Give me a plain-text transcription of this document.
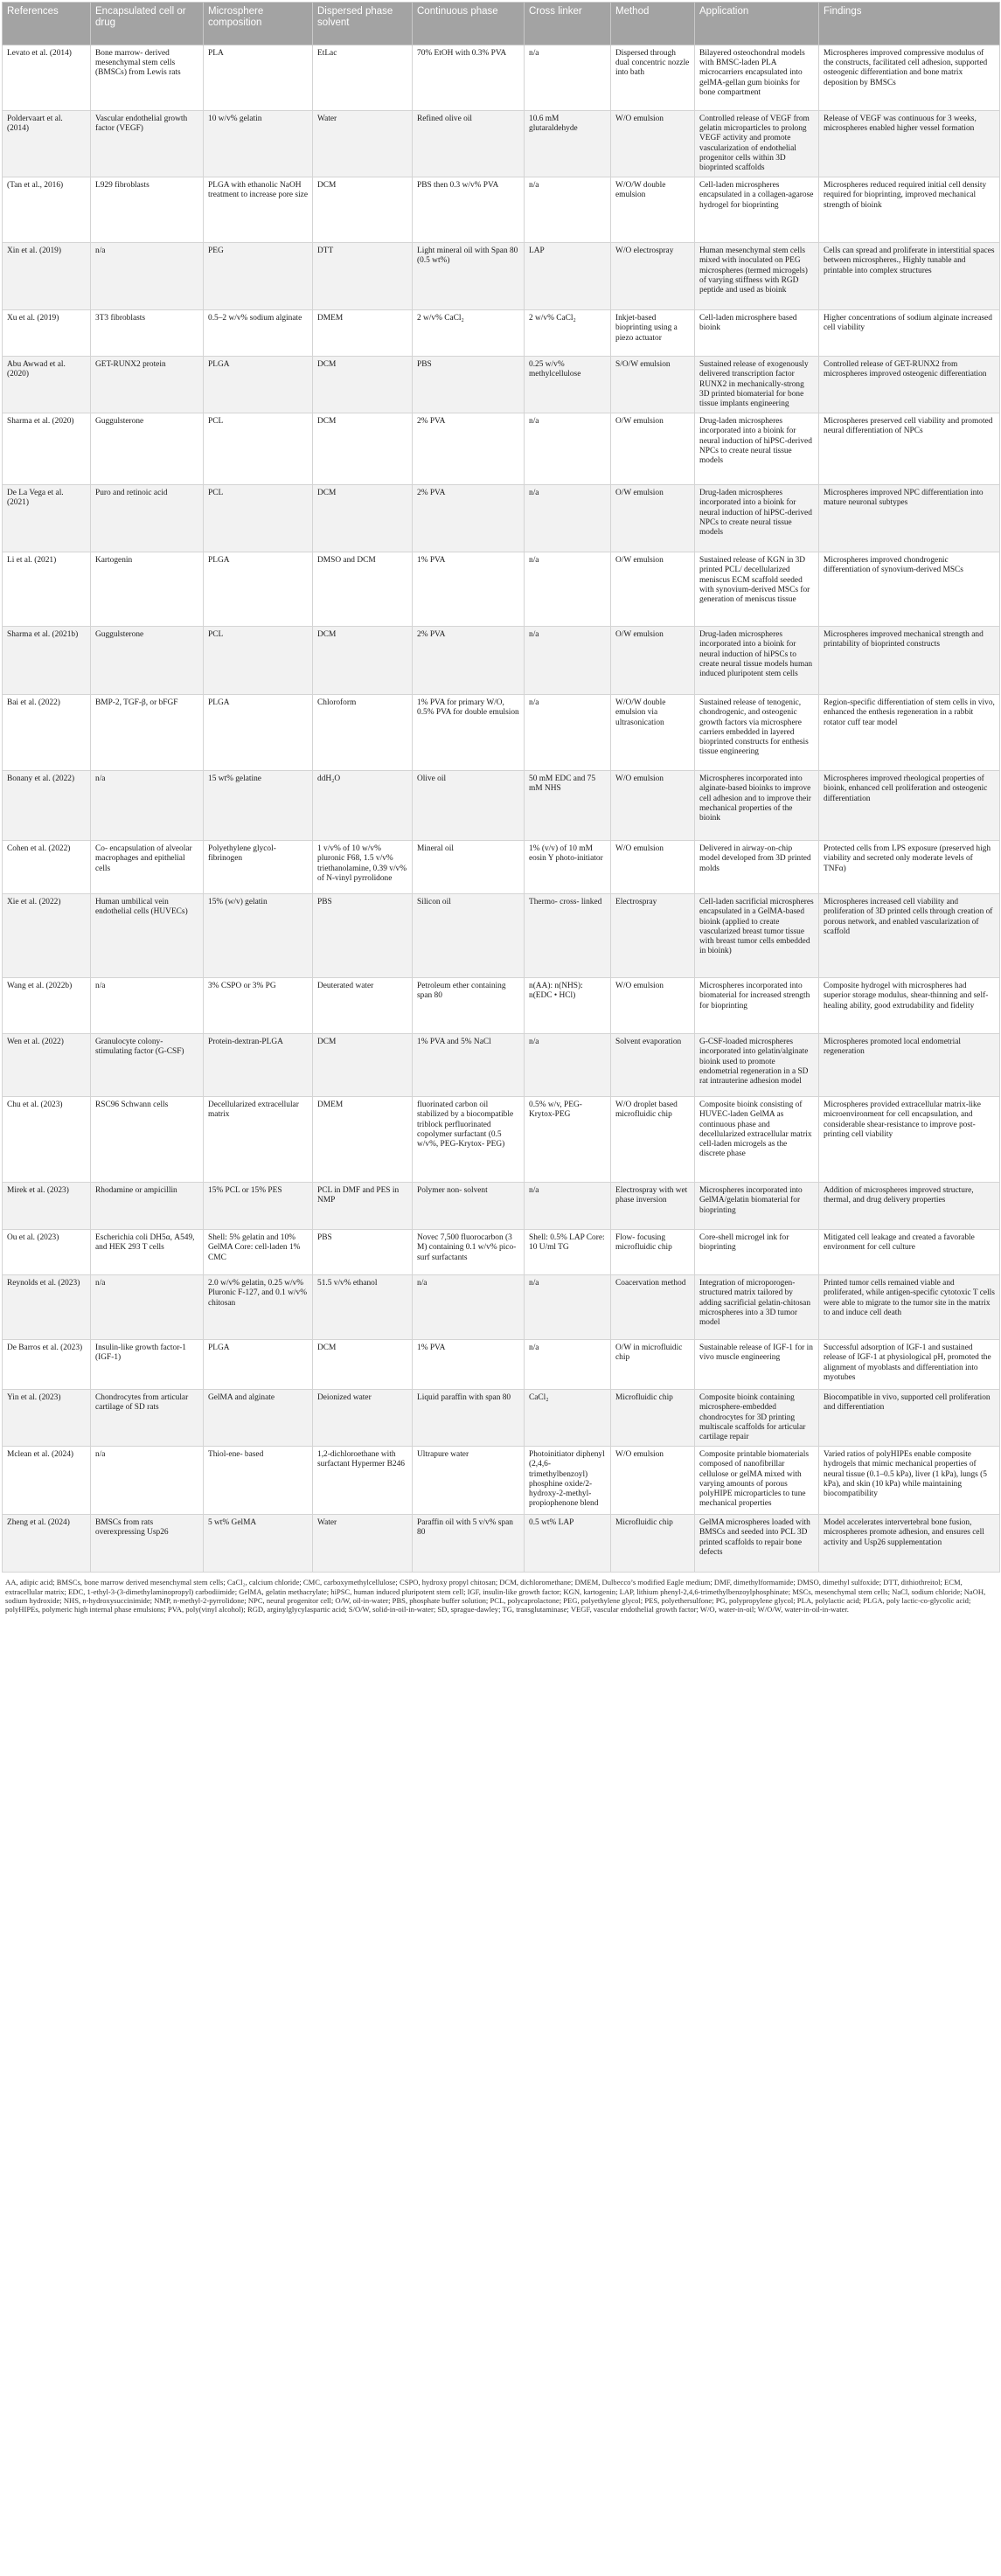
References	Encapsulated cell or drug	Microsphere composition	Dispersed phase solvent	Continuous phase	Cross linker	Method	Application	Findings
Levato et al. (2014)	Bone marrow- derived mesenchymal stem cells (BMSCs) from Lewis rats	PLA	EtLac	70% EtOH with 0.3% PVA	n/a	Dispersed through dual concentric nozzle into bath	Bilayered osteochondral models with BMSC-laden PLA microcarriers encapsulated into gelMA-gellan gum bioinks for bone compartment	Microspheres improved compressive modulus of the constructs, facilitated cell adhesion, supported osteogenic differentiation and bone matrix deposition by BMSCs
Poldervaart et al. (2014)	Vascular endothelial growth factor (VEGF)	10 w/v% gelatin	Water	Refined olive oil	10.6 mM glutaraldehyde	W/O emulsion	Controlled release of VEGF from gelatin microparticles to prolong VEGF activity and promote vascularization of endothelial progenitor cells within 3D bioprinted scaffolds	Release of VEGF was continuous for 3 weeks, microspheres enabled higher vessel formation
(Tan et al., 2016)	L929 fibroblasts	PLGA with ethanolic NaOH treatment to increase pore size	DCM	PBS then 0.3 w/v% PVA	n/a	W/O/W double emulsion	Cell-laden microspheres encapsulated in a collagen-agarose hydrogel for bioprinting	Microspheres reduced required initial cell density required for bioprinting, improved mechanical strength of bioink
Xin et al. (2019)	n/a	PEG	DTT	Light mineral oil with Span 80 (0.5 wt%)	LAP	W/O electrospray	Human mesenchymal stem cells mixed with inoculated on PEG microspheres (termed microgels) of varying stiffness with RGD peptide and used as bioink	Cells can spread and proliferate in interstitial spaces between microspheres., Highly tunable and printable into complex structures
Xu et al. (2019)	3T3 fibroblasts	0.5–2 w/v% sodium alginate	DMEM	2 w/v% CaCl₂	2 w/v% CaCl₂	Inkjet-based bioprinting using a piezo actuator	Cell-laden microsphere based bioink	Higher concentrations of sodium alginate increased cell viability
Abu Awwad et al. (2020)	GET-RUNX2 protein	PLGA	DCM	PBS	0.25 w/v% methylcellulose	S/O/W emulsion	Sustained release of exogenously delivered transcription factor RUNX2 in mechanically-strong 3D printed biomaterial for bone tissue implants engineering	Controlled release of GET-RUNX2 from microspheres improved osteogenic differentiation
Sharma et al. (2020)	Guggulsterone	PCL	DCM	2% PVA	n/a	O/W emulsion	Drug-laden microspheres incorporated into a bioink for neural induction of hiPSC-derived NPCs to create neural tissue models	Microspheres preserved cell viability and promoted neural differentiation of NPCs
De La Vega et al. (2021)	Puro and retinoic acid	PCL	DCM	2% PVA	n/a	O/W emulsion	Drug-laden microspheres incorporated into a bioink for neural induction of hiPSC-derived NPCs to create neural tissue models	Microspheres improved NPC differentiation into mature neuronal subtypes
Li et al. (2021)	Kartogenin	PLGA	DMSO and DCM	1% PVA	n/a	O/W emulsion	Sustained release of KGN in 3D printed PCL/ decellularized meniscus ECM scaffold seeded with synovium-derived MSCs for generation of meniscus tissue	Microspheres improved chondrogenic differentiation of synovium-derived MSCs
Sharma et al. (2021b)	Guggulsterone	PCL	DCM	2% PVA	n/a	O/W emulsion	Drug-laden microspheres incorporated into a bioink for neural induction of hiPSCs to create neural tissue models human induced pluripotent stem cells	Microspheres improved mechanical strength and printability of bioprinted constructs
Bai et al. (2022)	BMP-2, TGF-β, or bFGF	PLGA	Chloroform	1% PVA for primary W/O, 0.5% PVA for double emulsion	n/a	W/O/W double emulsion via ultrasonication	Sustained release of tenogenic, chondrogenic, and osteogenic growth factors via microsphere carriers embedded in layered bioprinted constructs for enthesis tissue engineering	Region-specific differentiation of stem cells in vivo, enhanced the enthesis regeneration in a rabbit rotator cuff tear model
Bonany et al. (2022)	n/a	15 wt% gelatine	ddH₂O	Olive oil	50 mM EDC and 75 mM NHS	W/O emulsion	Microspheres incorporated into alginate-based bioinks to improve cell adhesion and to improve their mechanical properties of the bioink	Microspheres improved rheological properties of bioink, enhanced cell proliferation and osteogenic differentiation
Cohen et al. (2022)	Co- encapsulation of alveolar macrophages and epithelial cells	Polyethylene glycol-fibrinogen	1 v/v% of 10 w/v% pluronic F68, 1.5 v/v% triethanolamine, 0.39 v/v% of N-vinyl pyrrolidone	Mineral oil	1% (v/v) of 10 mM eosin Y photo-initiator	W/O emulsion	Delivered in airway-on-chip model developed from 3D printed molds	Protected cells from LPS exposure (preserved high viability and secreted only moderate levels of TNFα)
Xie et al. (2022)	Human umbilical vein endothelial cells (HUVECs)	15% (w/v) gelatin	PBS	Silicon oil	Thermo- cross- linked	Electrospray	Cell-laden sacrificial microspheres encapsulated in a GelMA-based bioink (applied to create vascularized breast tumor tissue with breast tumor cells embedded in bioink)	Microspheres increased cell viability and proliferation of 3D printed cells through creation of porous network, and enabled vascularization of scaffold
Wang et al. (2022b)	n/a	3% CSPO or 3% PG	Deuterated water	Petroleum ether containing span 80	n(AA): n(NHS): n(EDC • HCl)	W/O emulsion	Microspheres incorporated into biomaterial for increased strength for bioprinting	Composite hydrogel with microspheres had superior storage modulus, shear-thinning and self-healing ability, good extrudability and fidelity
Wen et al. (2022)	Granulocyte colony-stimulating factor (G-CSF)	Protein-dextran-PLGA	DCM	1% PVA and 5% NaCl	n/a	Solvent evaporation	G-CSF-loaded microspheres incorporated into gelatin/alginate bioink used to promote endometrial regeneration in a SD rat intrauterine adhesion model	Microspheres promoted local endometrial regeneration
Chu et al. (2023)	RSC96 Schwann cells	Decellularized extracellular matrix	DMEM	fluorinated carbon oil stabilized by a biocompatible triblock perfluorinated copolymer surfactant (0.5 w/v%, PEG-Krytox- PEG)	0.5% w/v, PEG-Krytox-PEG	W/O droplet based microfluidic chip	Composite bioink consisting of HUVEC-laden GelMA as continuous phase and decellularized extracellular matrix cell-laden microgels as the discrete phase	Microspheres provided extracellular matrix-like microenvironment for cell encapsulation, and considerable shear-resistance to improve post-printing cell viability
Mirek et al. (2023)	Rhodamine or ampicillin	15% PCL or 15% PES	PCL in DMF and PES in NMP	Polymer non- solvent	n/a	Electrospray with wet phase inversion	Microspheres incorporated into GelMA/gelatin biomaterial for bioprinting	Addition of microspheres improved structure, thermal, and drug delivery properties
Ou et al. (2023)	Escherichia coli DH5α, A549, and HEK 293 T cells	Shell: 5% gelatin and 10% GelMA Core: cell-laden 1% CMC	PBS	Novec 7,500 fluorocarbon (3 M) containing 0.1 w/v% pico-surf surfactants	Shell: 0.5% LAP Core: 10 U/ml TG	Flow- focusing microfluidic chip	Core-shell microgel ink for bioprinting	Mitigated cell leakage and created a favorable environment for cell culture
Reynolds et al. (2023)	n/a	2.0 w/v% gelatin, 0.25 w/v% Pluronic F-127, and 0.1 w/v% chitosan	51.5 v/v% ethanol	n/a	n/a	Coacervation method	Integration of microporogen-structured matrix tailored by adding sacrificial gelatin-chitosan microspheres into a 3D tumor model	Printed tumor cells remained viable and proliferated, while antigen-specific cytotoxic T cells were able to migrate to the tumor site in the matrix to and induce cell death
De Barros et al. (2023)	Insulin-like growth factor-1 (IGF-1)	PLGA	DCM	1% PVA	n/a	O/W in microfluidic chip	Sustainable release of IGF-1 for in vivo muscle engineering	Successful adsorption of IGF-1 and sustained release of IGF-1 at physiological pH, promoted the alignment of myoblasts and differentiation into myotubes
Yin et al. (2023)	Chondrocytes from articular cartilage of SD rats	GelMA and alginate	Deionized water	Liquid paraffin with span 80	CaCl₂	Microfluidic chip	Composite bioink containing microsphere-embedded chondrocytes for 3D printing multiscale scaffolds for articular cartilage repair	Biocompatible in vivo, supported cell proliferation and differentiation
Mclean et al. (2024)	n/a	Thiol-ene- based	1,2-dichloroethane with surfactant Hypermer B246	Ultrapure water	Photoinitiator diphenyl (2,4,6-trimethylbenzoyl) phosphine oxide/2-hydroxy-2-methyl-propiophenone blend	W/O emulsion	Composite printable biomaterials composed of nanofibrillar cellulose or gelMA mixed with varying amounts of porous polyHIPE microparticles to tune mechanical properties	Varied ratios of polyHIPEs enable composite hydrogels that mimic mechanical properties of neural tissue (0.1–0.5 kPa), liver (1 kPa), lungs (5 kPa), and skin (10 kPa) while maintaining biocompatibility
Zheng et al. (2024)	BMSCs from rats overexpressing Usp26	5 wt% GelMA	Water	Paraffin oil with 5 v/v% span 80	0.5 wt% LAP	Microfluidic chip	GelMA microspheres loaded with BMSCs and seeded into PCL 3D printed scaffolds to repair bone defects	Model accelerates intervertebral bone fusion, microspheres promote adhesion, and ensures cell activity and Usp26 supplementation
AA, adipic acid; BMSCs, bone marrow derived mesenchymal stem cells; CaCl₂, calcium chloride; CMC, carboxymethylcellulose; CSPO, hydroxy propyl chitosan; DCM, dichloromethane; DMEM, Dulbecco’s modified Eagle medium; DMF, dimethylformamide; DMSO, dimethyl sulfoxide; DTT, dithiothreitol; ECM, extracellular matrix; EDC, 1-ethyl-3-(3-dimethylaminopropyl) carbodiimide; GelMA, gelatin methacrylate; hiPSC, human induced pluripotent stem cell; IGF, insulin-like growth factor; KGN, kartogenin; LAP, lithium phenyl-2,4,6-trimethylbenzoylphosphinate; MSCs, mesenchymal stem cells; NaCl, sodium chloride; NaOH, sodium hydroxide; NHS, n-hydroxysuccinimide; NMP, n-methyl-2-pyrrolidone; NPC, neural progenitor cell; O/W, oil-in-water; PBS, phosphate buffer solution; PCL, polycaprolactone; PEG, polyethylene glycol; PES, polyethersulfone; PG, polypropylene glycol; PLA, polylactic acid; PLGA, poly lactic-co-glycolic acid; polyHIPEs, polymeric high internal phase emulsions; PVA, poly(vinyl alcohol); RGD, arginylglycylaspartic acid; S/O/W, solid-in-oil-in-water; SD, sprague-dawley; TG, transglutaminase; VEGF, vascular endothelial growth factor; W/O, water-in-oil; W/O/W, water-in-oil-in-water.
